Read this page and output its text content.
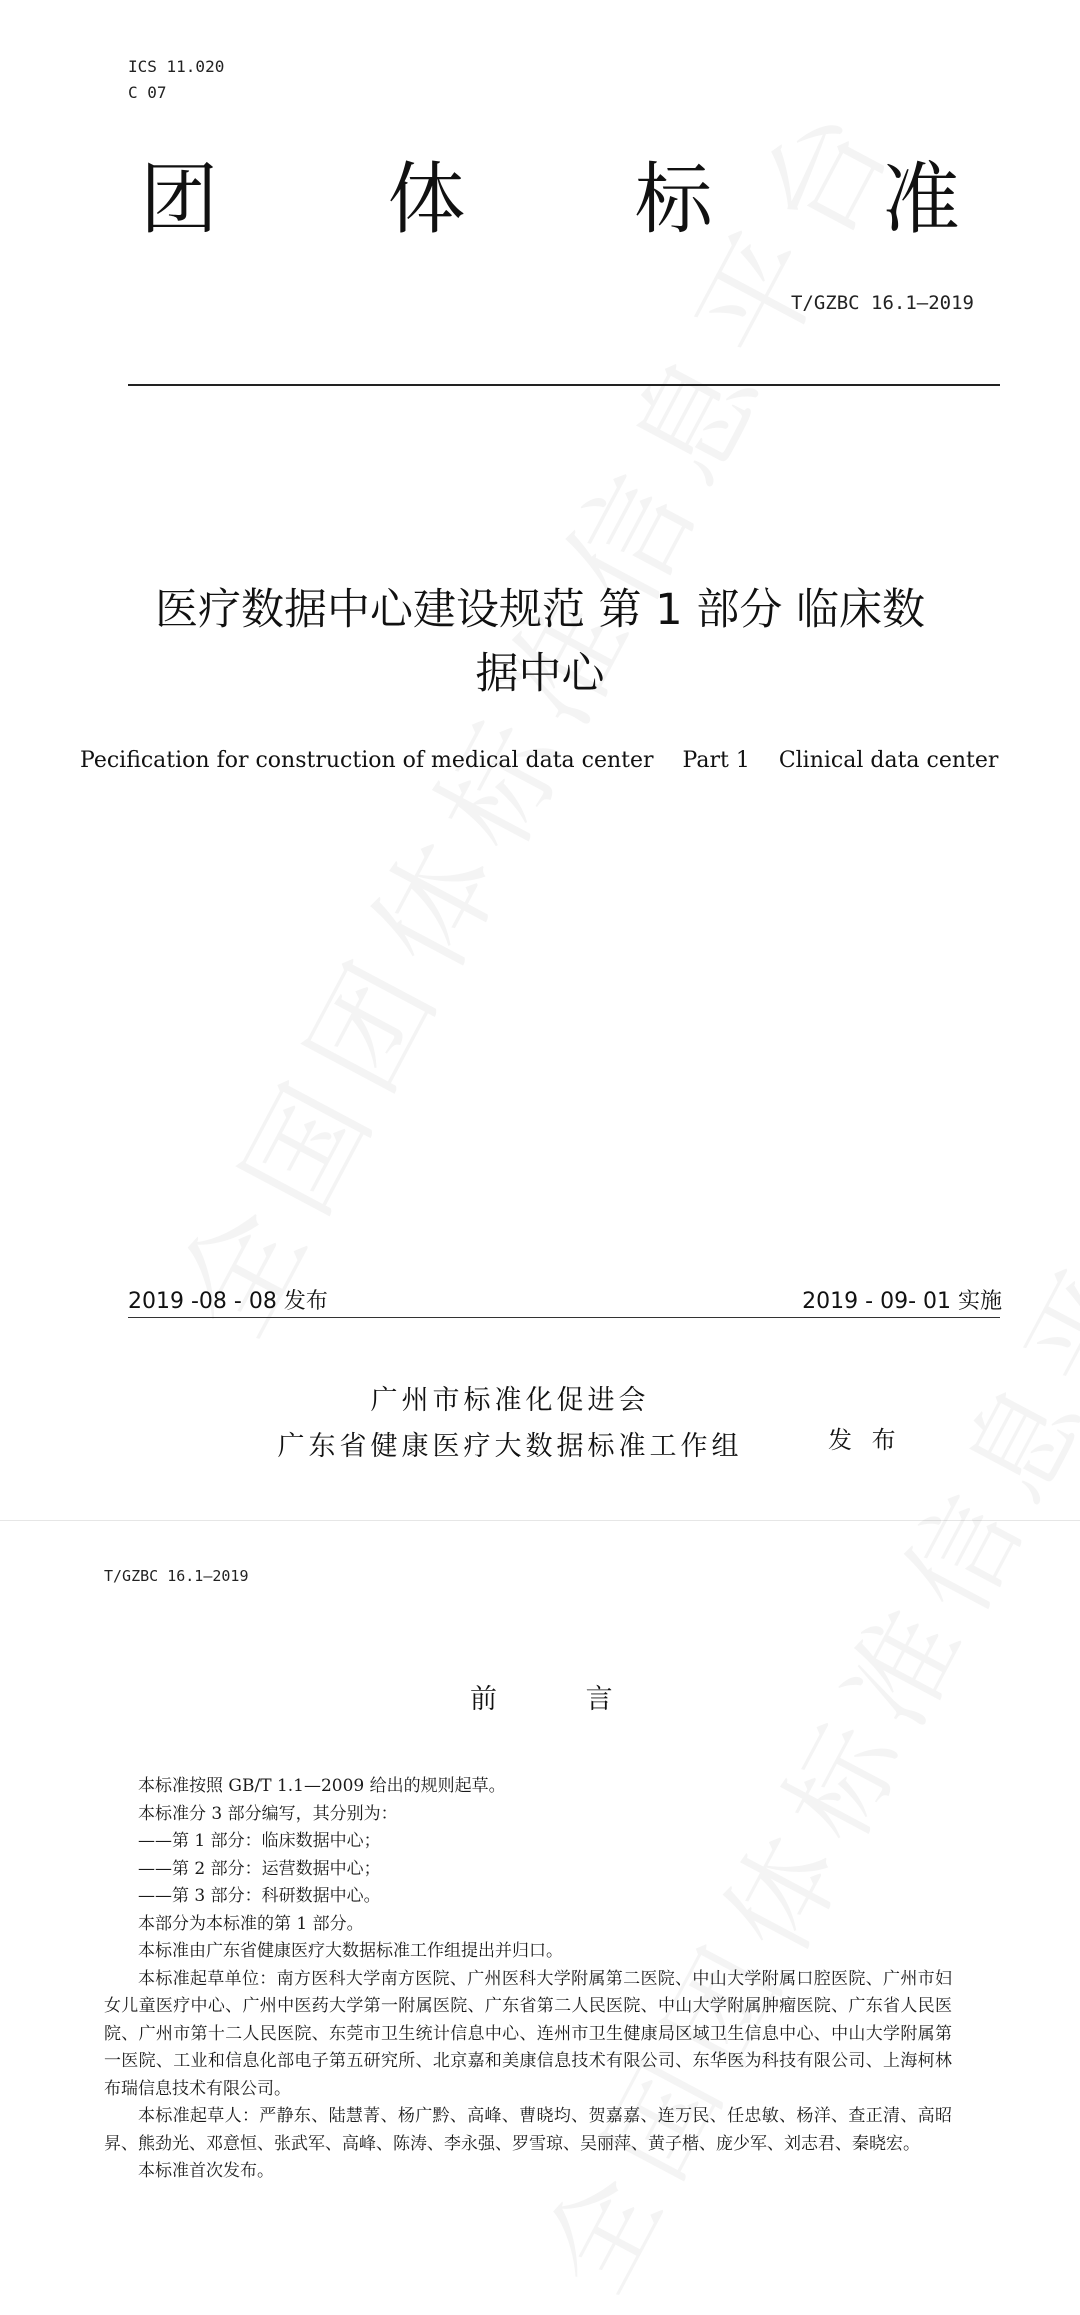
ICS 11.020
C 07
团 体 标 准
T/GZBC 16.1—2019
医疗数据中心建设规范 第 1 部分 临床数
据中心
Pecification for construction of medical data center Part 1 Clinical data center
2019 -08 - 08 发布	2019 - 09- 01 实施
广州市标准化促进会
广东省健康医疗大数据标准工作组	发 布
T/GZBC 16.1—2019
前 言

本标准按照 GB/T 1.1—2009 给出的规则起草。

本标准分 3 部分编写，其分别为：

——第 1 部分：临床数据中心；

——第 2 部分：运营数据中心；

——第 3 部分：科研数据中心。

本部分为本标准的第 1 部分。

本标准由广东省健康医疗大数据标准工作组提出并归口。

本标准起草单位：南方医科大学南方医院、广州医科大学附属第二医院、中山大学附属口腔医院、广州市妇女儿童医疗中心、广州中医药大学第一附属医院、广东省第二人民医院、中山大学附属肿瘤医院、广东省人民医院、广州市第十二人民医院、东莞市卫生统计信息中心、连州市卫生健康局区域卫生信息中心、中山大学附属第一医院、工业和信息化部电子第五研究所、北京嘉和美康信息技术有限公司、东华医为科技有限公司、上海柯林布瑞信息技术有限公司。

本标准起草人：严静东、陆慧菁、杨广黔、高峰、曹晓均、贺嘉嘉、连万民、任忠敏、杨洋、查正清、高昭昇、熊劲光、邓意恒、张武军、高峰、陈涛、李永强、罗雪琼、吴丽萍、黄子楷、庞少军、刘志君、秦晓宏。

本标准首次发布。
